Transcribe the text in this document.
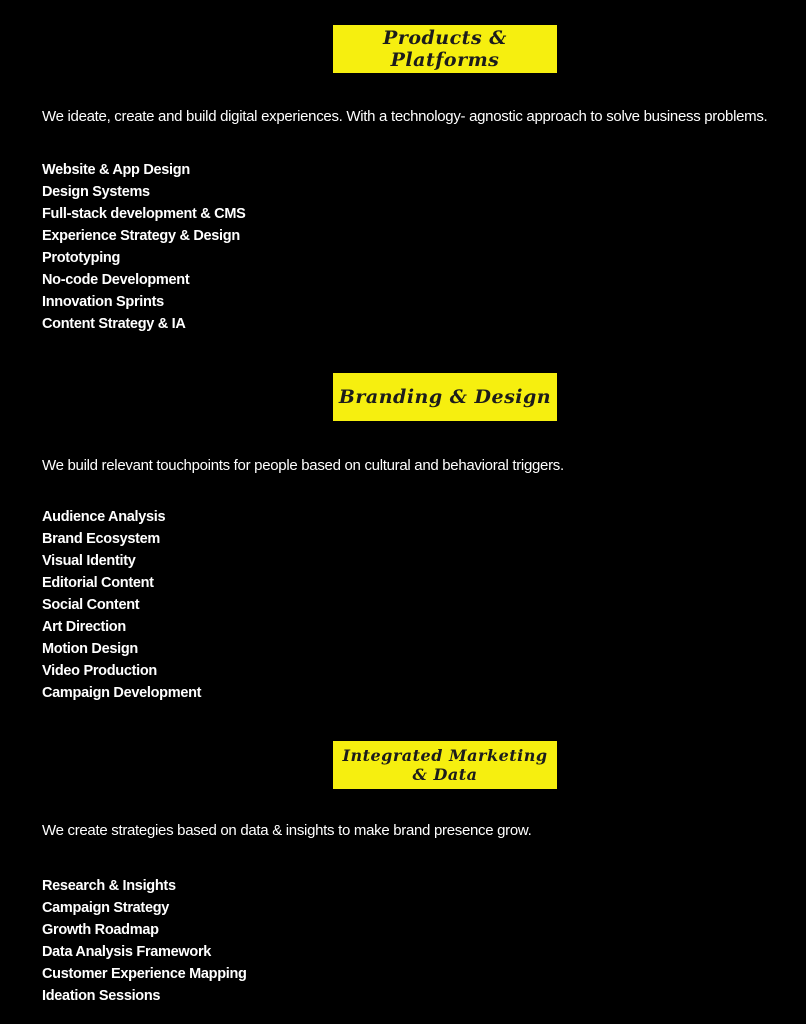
Products & Platforms

We ideate, create and build digital experiences. With a technology- agnostic approach to solve business problems.

Website & App Design
Design Systems
Full-stack development & CMS
Experience Strategy & Design
Prototyping
No-code Development
Innovation Sprints
Content Strategy & IA
Branding & Design

We build relevant touchpoints for people based on cultural and behavioral triggers.

Audience Analysis
Brand Ecosystem
Visual Identity
Editorial Content
Social Content
Art Direction
Motion Design
Video Production
Campaign Development
Integrated Marketing
& Data

We create strategies based on data & insights to make brand presence grow.

Research & Insights
Campaign Strategy
Growth Roadmap
Data Analysis Framework
Customer Experience Mapping
Ideation Sessions
